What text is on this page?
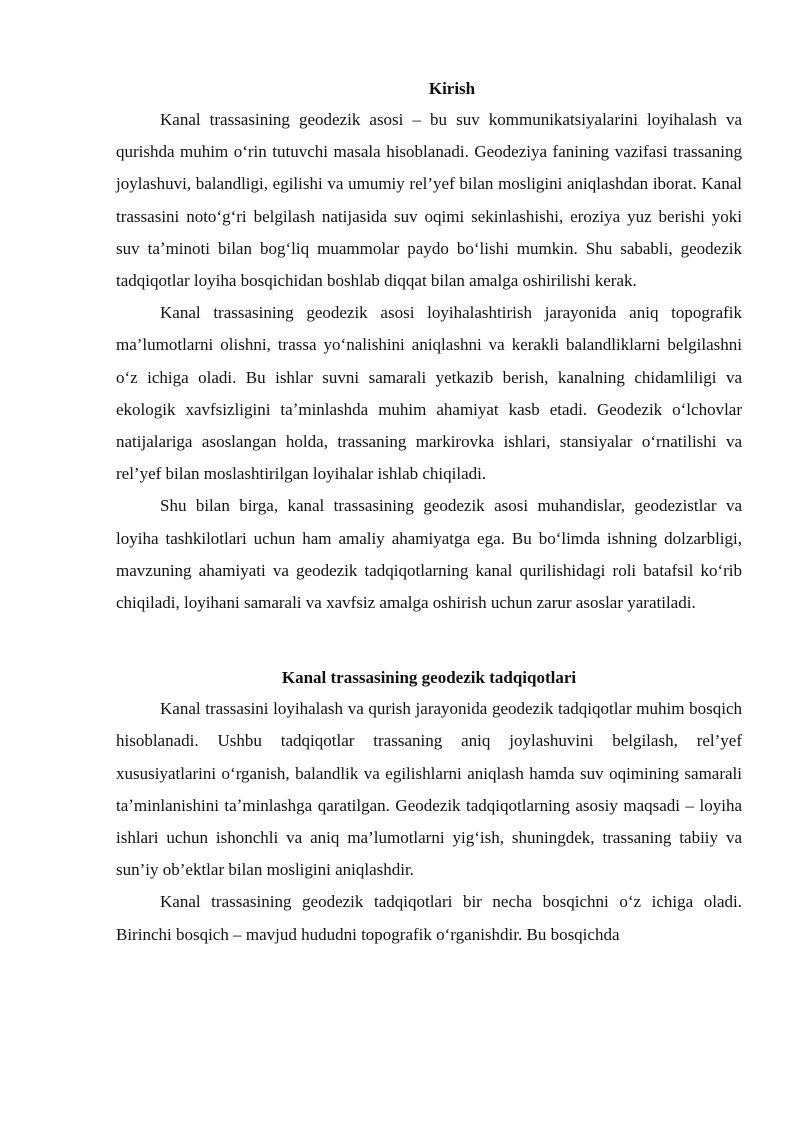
Kirish

Kanal trassasining geodezik asosi – bu suv kommunikatsiyalarini loyihalash va qurishda muhim oʻrin tutuvchi masala hisoblanadi. Geodeziya fanining vazifasi trassaning joylashuvi, balandligi, egilishi va umumiy rel’yef bilan mosligini aniqlashdan iborat. Kanal trassasini notoʻgʻri belgilash natijasida suv oqimi sekinlashishi, eroziya yuz berishi yoki suv taʼminoti bilan bogʻliq muammolar paydo boʻlishi mumkin. Shu sababli, geodezik tadqiqotlar loyiha bosqichidan boshlab diqqat bilan amalga oshirilishi kerak.

Kanal trassasining geodezik asosi loyihalashtirish jarayonida aniq topografik ma’lumotlarni olishni, trassa yoʻnalishini aniqlashni va kerakli balandliklarni belgilashni oʻz ichiga oladi. Bu ishlar suvni samarali yetkazib berish, kanalning chidamliligi va ekologik xavfsizligini taʼminlashda muhim ahamiyat kasb etadi. Geodezik oʻlchovlar natijalariga asoslangan holda, trassaning markirovka ishlari, stansiyalar oʻrnatilishi va rel’yef bilan moslashtirilgan loyihalar ishlab chiqiladi.

Shu bilan birga, kanal trassasining geodezik asosi muhandislar, geodezistlar va loyiha tashkilotlari uchun ham amaliy ahamiyatga ega. Bu boʻlimda ishning dolzarbligi, mavzuning ahamiyati va geodezik tadqiqotlarning kanal qurilishidagi roli batafsil koʻrib chiqiladi, loyihani samarali va xavfsiz amalga oshirish uchun zarur asoslar yaratiladi.

Kanal trassasining geodezik tadqiqotlari

Kanal trassasini loyihalash va qurish jarayonida geodezik tadqiqotlar muhim bosqich hisoblanadi. Ushbu tadqiqotlar trassaning aniq joylashuvini belgilash, rel’yef xususiyatlarini oʻrganish, balandlik va egilishlarni aniqlash hamda suv oqimining samarali taʼminlanishini taʼminlashga qaratilgan. Geodezik tadqiqotlarning asosiy maqsadi – loyiha ishlari uchun ishonchli va aniq ma’lumotlarni yigʻish, shuningdek, trassaning tabiiy va sun’iy ob’ektlar bilan mosligini aniqlashdir.

Kanal trassasining geodezik tadqiqotlari bir necha bosqichni oʻz ichiga oladi. Birinchi bosqich – mavjud hududni topografik oʻrganishdir. Bu bosqichda
